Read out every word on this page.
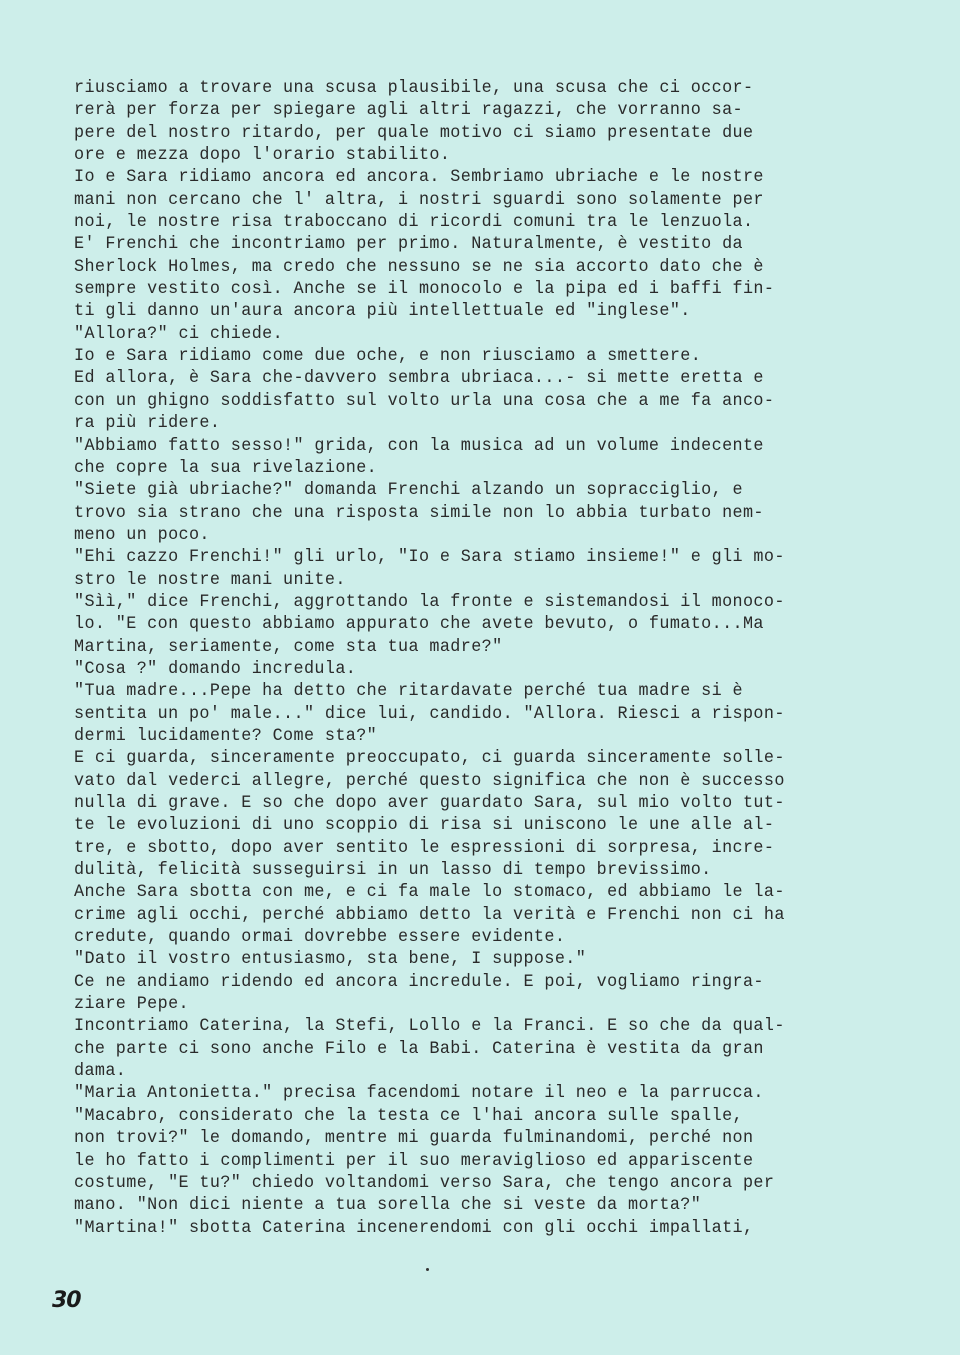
riusciamo a trovare una scusa plausibile, una scusa che ci occor-
rerà per forza per spiegare agli altri ragazzi, che vorranno sa-
pere del nostro ritardo, per quale motivo ci siamo presentate due
ore e mezza dopo l'orario stabilito.
Io e Sara ridiamo ancora ed ancora. Sembriamo ubriache e le nostre
mani non cercano che l' altra, i nostri sguardi sono solamente per
noi, le nostre risa traboccano di ricordi comuni tra le lenzuola.
E' Frenchi che incontriamo per primo. Naturalmente, è vestito da
Sherlock Holmes, ma credo che nessuno se ne sia accorto dato che è
sempre vestito così. Anche se il monocolo e la pipa ed i baffi fin-
ti gli danno un'aura ancora più intellettuale ed "inglese".
"Allora?" ci chiede.
Io e Sara ridiamo come due oche, e non riusciamo a smettere.
Ed allora, è Sara che-davvero sembra ubriaca...- si mette eretta e
con un ghigno soddisfatto sul volto urla una cosa che a me fa anco-
ra più ridere.
"Abbiamo fatto sesso!" grida, con la musica ad un volume indecente
che copre la sua rivelazione.
"Siete già ubriache?" domanda Frenchi alzando un sopracciglio, e
trovo sia strano che una risposta simile non lo abbia turbato nem-
meno un poco.
"Ehi cazzo Frenchi!" gli urlo, "Io e Sara stiamo insieme!" e gli mo-
stro le nostre mani unite.
"Sìì," dice Frenchi, aggrottando la fronte e sistemandosi il monoco-
lo. "E con questo abbiamo appurato che avete bevuto, o fumato...Ma
Martina, seriamente, come sta tua madre?"
"Cosa ?" domando incredula.
"Tua madre...Pepe ha detto che ritardavate perché tua madre si è
sentita un po' male..." dice lui, candido. "Allora. Riesci a rispon-
dermi lucidamente? Come sta?"
E ci guarda, sinceramente preoccupato, ci guarda sinceramente solle-
vato dal vederci allegre, perché questo significa che non è successo
nulla di grave. E so che dopo aver guardato Sara, sul mio volto tut-
te le evoluzioni di uno scoppio di risa si uniscono le une alle al-
tre, e sbotto, dopo aver sentito le espressioni di sorpresa, incre-
dulità, felicità susseguirsi in un lasso di tempo brevissimo.
Anche Sara sbotta con me, e ci fa male lo stomaco, ed abbiamo le la-
crime agli occhi, perché abbiamo detto la verità e Frenchi non ci ha
credute, quando ormai dovrebbe essere evidente.
"Dato il vostro entusiasmo, sta bene, I suppose."
Ce ne andiamo ridendo ed ancora incredule. E poi, vogliamo ringra-
ziare Pepe.
Incontriamo Caterina, la Stefi, Lollo e la Franci. E so che da qual-
che parte ci sono anche Filo e la Babi. Caterina è vestita da gran
dama.
"Maria Antonietta." precisa facendomi notare il neo e la parrucca.
"Macabro, considerato che la testa ce l'hai ancora sulle spalle,
non trovi?" le domando, mentre mi guarda fulminandomi, perché non
le ho fatto i complimenti per il suo meraviglioso ed appariscente
costume, "E tu?" chiedo voltandomi verso Sara, che tengo ancora per
mano. "Non dici niente a tua sorella che si veste da morta?"
"Martina!" sbotta Caterina incenerendomi con gli occhi impallati,
30
